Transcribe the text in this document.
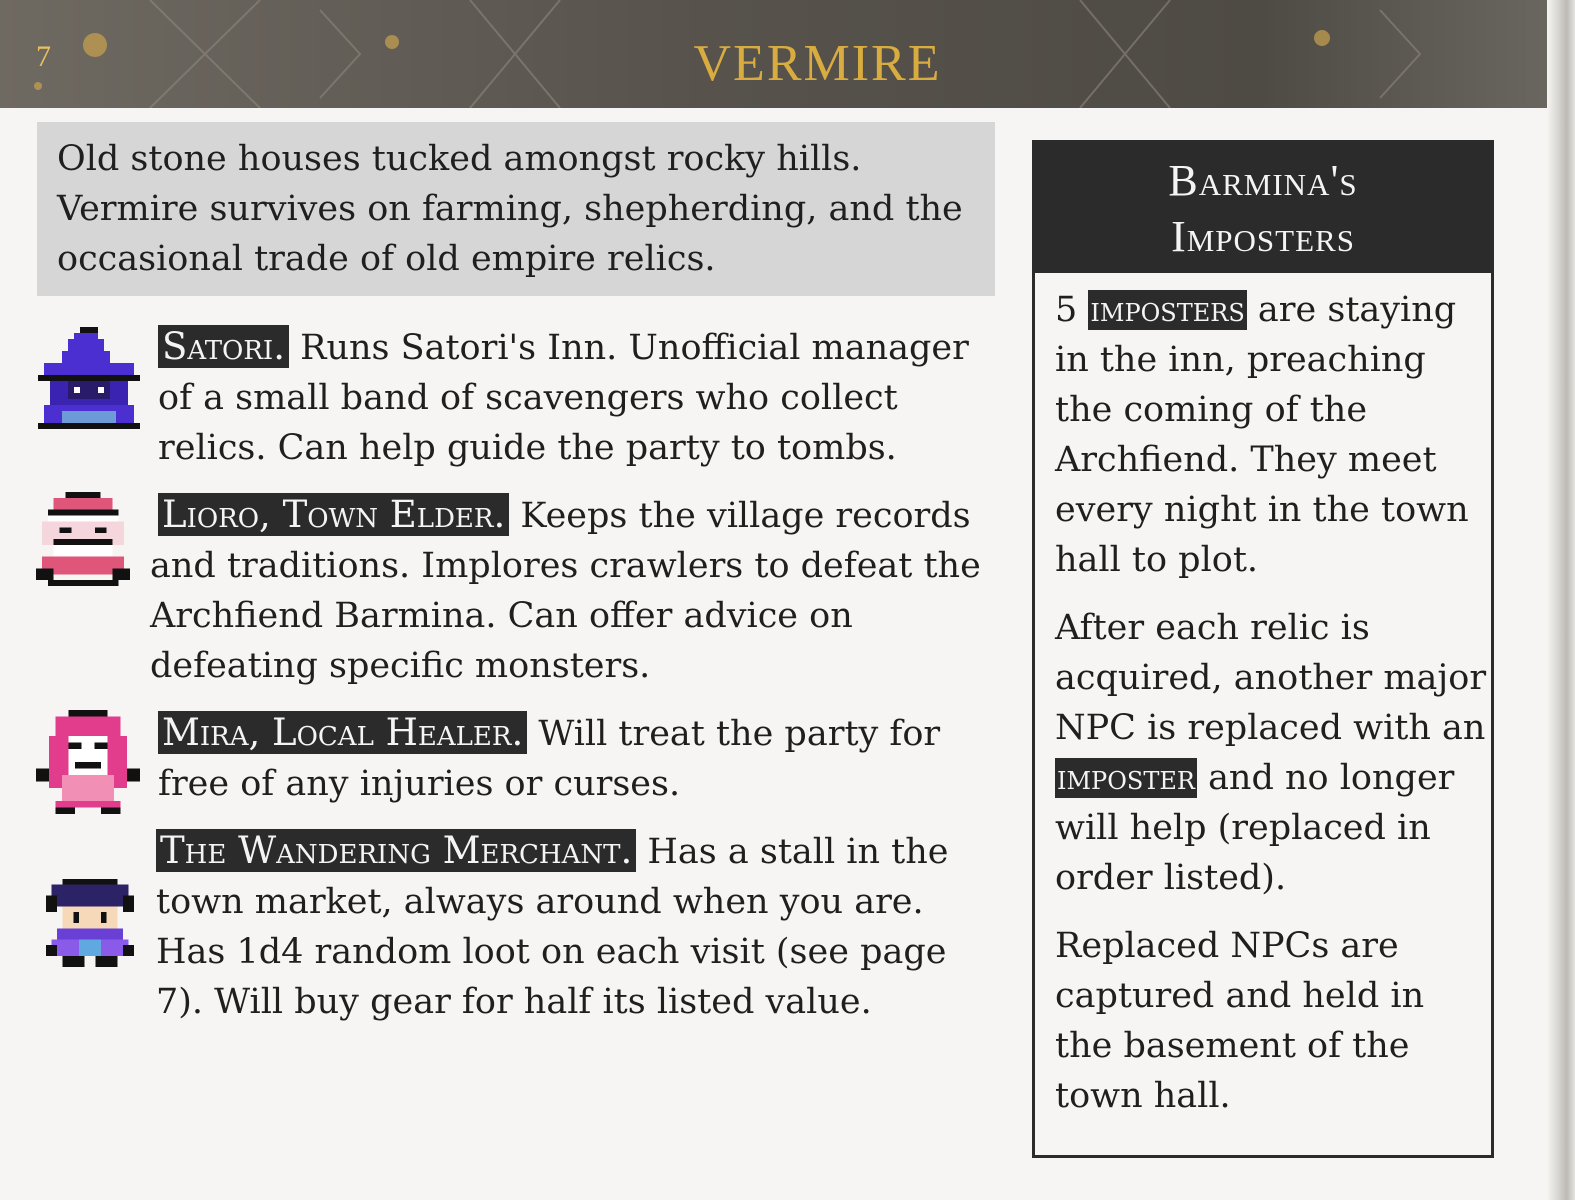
7	VERMIRE

Old stone houses tucked amongst rocky hills. Vermire survives on farming, shepherding, and the occasional trade of old empire relics.

Satori. Runs Satori's Inn. Unofficial manager of a small band of scavengers who collect relics. Can help guide the party to tombs.
Lioro, Town Elder. Keeps the village records and traditions. Implores crawlers to defeat the Archfiend Barmina. Can offer advice on defeating specific monsters.
Mira, Local Healer. Will treat the party for free of any injuries or curses.
The Wandering Merchant. Has a stall in the town market, always around when you are. Has 1d4 random loot on each visit (see page 7). Will buy gear for half its listed value.
Barmina's
Imposters

5 imposters are staying in the inn, preaching the coming of the Archfiend. They meet every night in the town hall to plot.

After each relic is acquired, another major NPC is replaced with an imposter and no longer will help (replaced in order listed).

Replaced NPCs are captured and held in the basement of the town hall.
